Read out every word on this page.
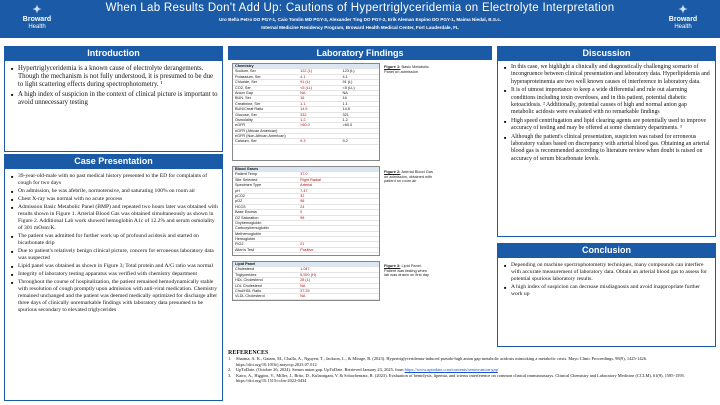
✦
Broward
Health
When Lab Results Don't Add Up: Cautions of Hypertriglyceridemia on Electrolyte Interpretation
Uro Bella Petro DO PGY-1, Caio Tomlin MD PGY-3, Alexander Ting DO PGY-2, Erik Aleman Espino DO PGY-1, Maima Niedal, B.S.c.
Internal Medicine Residency Program, Broward Health Medical Center, Fort Lauderdale, FL
✦
Broward
Health
Introduction
■ Hypertriglyceridemia is a known cause of electrolyte derangements. Though the mechanism is not fully understood, it is presumed to be due to light scattering effects during spectrophotometry. ¹
■ A high index of suspicion in the context of clinical picture is important to avoid unnecessary testing
Case Presentation
■ 39-year-old-male with no past medical history presented to the ED for complaints of cough for two days
■ On admission, he was afebrile, normotensive, and saturating 100% on room air
■ Chest X-ray was normal with no acute process
■ Admission Basic Metabolic Panel (BMP) and repeated two hours later was obtained with results shown in Figure 1. Arterial Blood Gas was obtained simultaneously as shown in Figure 2. Additional Lab work showed hemoglobin A1c of 12.2% and serum osmolality of 301 mOsm/K.
■ The patient was admitted for further work up of profound acidosis and started on bicarbonate drip
■ Due to patient's relatively benign clinical picture, concern for erroneous laboratory data was suspected
■ Lipid panel was obtained as shown in Figure 3; Total protein and A/G ratio was normal
■ Integrity of laboratory testing apparatus was verified with chemistry department
■ Throughout the course of hospitalization, the patient remained hemodynamically stable with resolution of cough promptly upon admission with anti-viral medication. Chemistry remained unchanged and the patient was deemed medically optimized for discharge after three days of clinically unremarkable findings with laboratory data presumed to be spurious secondary to elevated triglycerides
Laboratory Findings
Chemistry
Sodium, Ser	122 (L)	123 (L)
Potassium, Ser	4.1	4.1
Chloride, Ser	91 (L)	91 (L)
CO2, Ser	<5 (LL)	<5 (LL)
Anion Gap	NA	NA
BUN, Ser	16	16
Creatinine, Ser	1.1	1.1
BUN/Creat Ratio	14.5	14.5
Glucose, Ser	332	321
Osmolality	1.2	1.2
eGFR	>60.0	>60.0
eGFR (African American)
eGFR (Non-African American)
Calcium, Ser	9.3	9.2
Figure 1: Basic Metabolic Panel on admission
Blood Gases
Patient Temp	37.0
Site Selected	Right Radial
Specimen Type	Arterial
pH	7.47
pCO2	32
pO2	98
HCO3	24
Base Excess	0
O2 Saturation	98
Oxyhemoglobin
Carboxyhemoglobin
Methemoglobin
Hemoglobin
FIO2	21
Allen's Test	Positive
Figure 2: Arterial Blood Gas on admission, obtained with patient on room air
Lipid Panel
Cholesterol	1,047
Triglycerides	5,520 (H)
HDL Cholesterol	28 (L)
LDL Cholesterol	NA
Chol/HDL Ratio	37.39
VLDL Cholesterol	NA
Figure 3: Lipid Panel. Patient was fasting when lab was drawn on first day
Discussion
■ In this case, we highlight a clinically and diagnostically challenging scenario of incongruence between clinical presentation and laboratory data. Hyperlipidemia and hyperaproteinemia are two well known causes of interference in laboratory data.
■ It is of utmost importance to keep a wide differential and rule out alarming conditions including toxin overdoses, and in this patient, potential diabetic ketoacidosis. ² Additionally, potential causes of high and normal anion gap metabolic acidosis were evaluated with no remarkable findings
■ High speed centrifugation and lipid clearing agents are potentially used to improve accuracy of testing and may be offered at some chemistry departments. ³
■ Although the patient's clinical presentation, suspicion was raised for erroneous laboratory values based on discrepancy with arterial blood gas. Obtaining an arterial blood gas is recommended according to literature review when doubt is raised on accuracy of serum bicarbonate levels.
Conclusion
■ Depending on machine spectrophotometry techniques, many compounds can interfere with accurate measurement of laboratory data. Obtain an arterial blood gas to assess for potential spurious laboratory results.
■ A high index of suspicion can decrease misdiagnosis and avoid inappropriate further work up
REFERENCES
1. Sharma, A. K., Gatam, M., Challa, A., Nguyen, T., Jackson, L., & Mirage, B. (2023). Hypertriglyceridemia-induced pseudo-high anion gap metabolic acidosis mimicking a metabolic crisis. Mayo Clinic Proceedings, 98(9), 1425-1426. https://doi.org/10.1016/j.mayocp.2023.07.012
2. UpToDate. (October 26, 2024). Serum anion gap. UpToDate. Retrieved January 23, 2025, from https://www.uptodate.com/contents/serum-anion-gap
3. Kairo, A., Higgins, V., Miller, J., Brito, D., Kularatgam, V. & Schachenratz, R. (2023). Evaluation of hemolysis, lipemia, and icterus interference on common clinical immunoassays. Clinical Chemistry and Laboratory Medicine (CCLM), 61(9), 1585-1595. https://doi.org/10.1515/cclm-2022-0434
